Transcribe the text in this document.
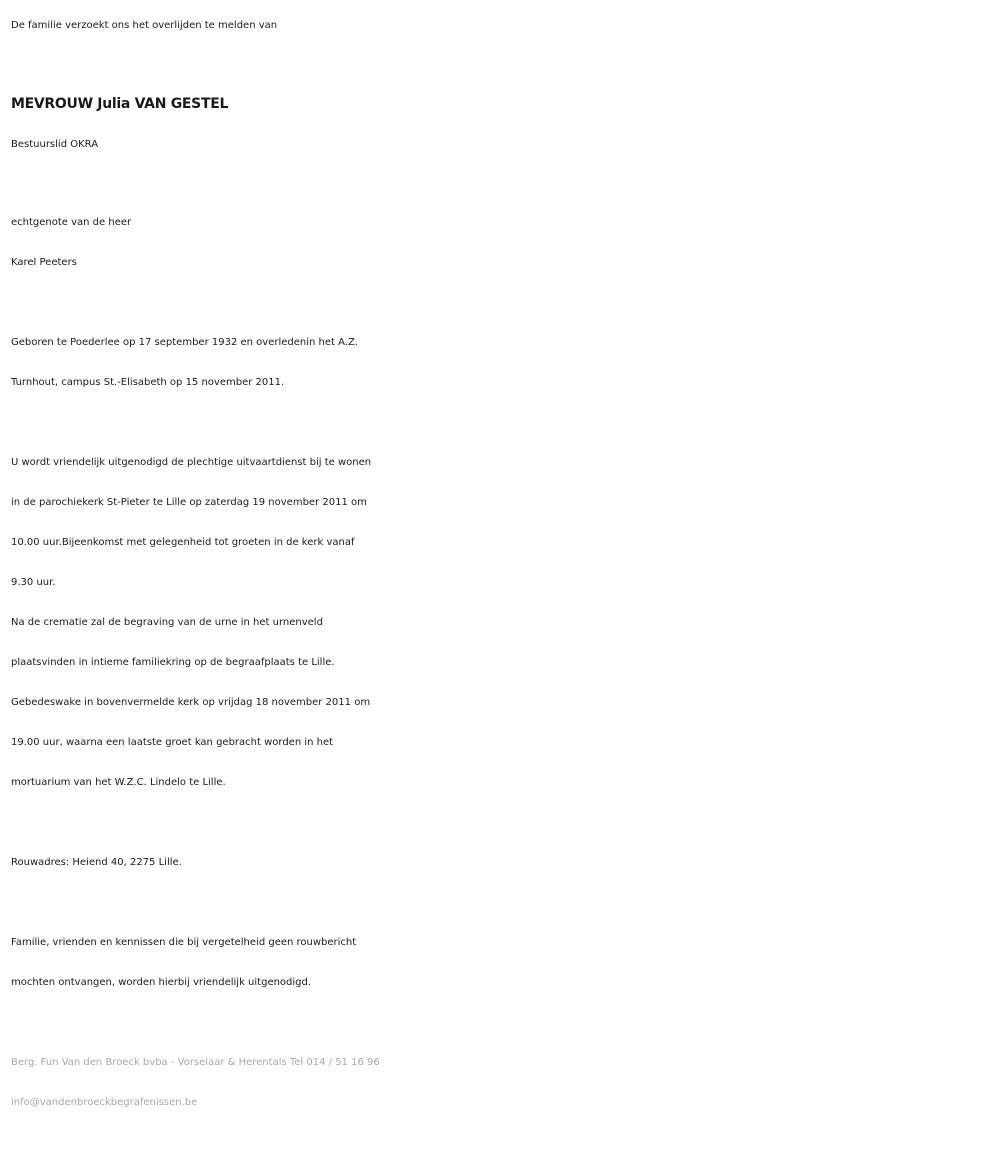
De familie verzoekt ons het overlijden te melden van
MEVROUW Julia VAN GESTEL
Bestuurslid OKRA
echtgenote van de heer
Karel Peeters
Geboren te Poederlee op 17 september 1932 en overledenin het A.Z.
Turnhout, campus St.-Elisabeth op 15 november 2011.
U wordt vriendelijk uitgenodigd de plechtige uitvaartdienst bij te wonen
in de parochiekerk St-Pieter te Lille op zaterdag 19 november 2011 om
10.00 uur.Bijeenkomst met gelegenheid tot groeten in de kerk vanaf
9.30 uur.
Na de crematie zal de begraving van de urne in het urnenveld
plaatsvinden in intieme familiekring op de begraafplaats te Lille.
Gebedeswake in bovenvermelde kerk op vrijdag 18 november 2011 om
19.00 uur, waarna een laatste groet kan gebracht worden in het
mortuarium van het W.Z.C. Lindelo te Lille.
Rouwadres: Heiend 40, 2275 Lille.
Familie, vrienden en kennissen die bij vergetelheid geen rouwbericht
mochten ontvangen, worden hierbij vriendelijk uitgenodigd.
Berg. Fun Van den Broeck bvba - Vorselaar & Herentals Tel 014 / 51 16 96
info@vandenbroeckbegrafenissen.be
